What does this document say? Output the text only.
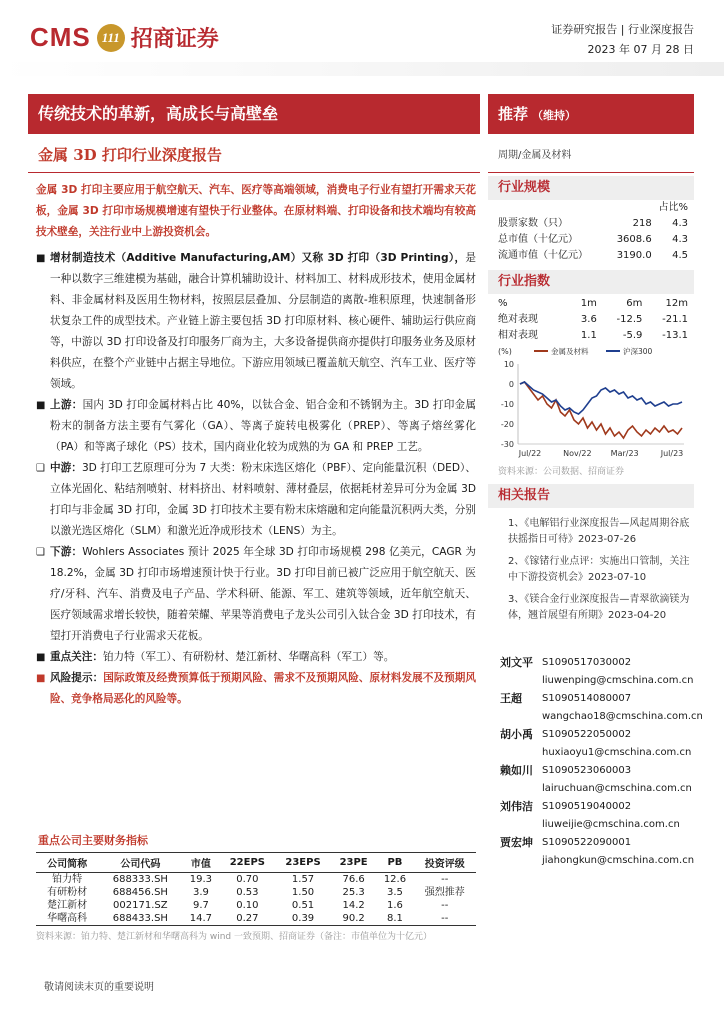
CMS 111 招商证券	证券研究报告 | 行业深度报告
2023 年 07 月 28 日
传统技术的革新，高成长与高壁垒	推荐 （维持）
金属 3D 打印行业深度报告	周期/金属及材料
金属 3D 打印主要应用于航空航天、汽车、医疗等高端领域，消费电子行业有望打开需求天花板，金属 3D 打印市场规模增速有望快于行业整体。在原材料端、打印设备和技术端均有较高技术壁垒，关注行业中上游投资机会。
■ 增材制造技术（Additive Manufacturing,AM）又称 3D 打印（3D Printing），是一种以数字三维建模为基础，融合计算机辅助设计、材料加工、材料成形技术，使用金属材料、非金属材料及医用生物材料，按照层层叠加、分层制造的离散-堆积原理，快速制备形状复杂工件的成型技术。产业链上游主要包括 3D 打印原材料、核心硬件、辅助运行供应商等，中游以 3D 打印设备及打印服务厂商为主，大多设备提供商亦提供打印服务业务及原材料供应，在整个产业链中占据主导地位。下游应用领域已覆盖航天航空、汽车工业、医疗等领域。
■ 上游：国内 3D 打印金属材料占比 40%，以钛合金、铝合金和不锈钢为主。3D 打印金属粉末的制备方法主要有气雾化（GA）、等离子旋转电极雾化（PREP）、等离子熔丝雾化（PA）和等离子球化（PS）技术，国内商业化较为成熟的为 GA 和 PREP 工艺。
❑ 中游：3D 打印工艺原理可分为 7 大类：粉末床选区熔化（PBF）、定向能量沉积（DED）、立体光固化、粘结剂喷射、材料挤出、材料喷射、薄材叠层，依据耗材差异可分为金属 3D 打印与非金属 3D 打印，金属 3D 打印技术主要有粉末床熔融和定向能量沉积两大类，分别以激光选区熔化（SLM）和激光近净成形技术（LENS）为主。
❑ 下游：Wohlers Associates 预计 2025 年全球 3D 打印市场规模 298 亿美元，CAGR 为 18.2%，金属 3D 打印市场增速预计快于行业。3D 打印目前已被广泛应用于航空航天、医疗/牙科、汽车、消费及电子产品、学术科研、能源、军工、建筑等领域，近年航空航天、医疗领域需求增长较快，随着荣耀、苹果等消费电子龙头公司引入钛合金 3D 打印技术，有望打开消费电子行业需求天花板。
■ 重点关注：铂力特（军工）、有研粉材、楚江新材、华曙高科（军工）等。
■ 风险提示：国际政策及经费预算低于预期风险、需求不及预期风险、原材料发展不及预期风险、竞争格局恶化的风险等。
重点公司主要财务指标
公司简称	公司代码	市值	22EPS	23EPS	23PE	PB	投资评级
铂力特	688333.SH	19.3	0.70	1.57	76.6	12.6	--
有研粉材	688456.SH	3.9	0.53	1.50	25.3	3.5	强烈推荐
楚江新材	002171.SZ	9.7	0.10	0.51	14.2	1.6	--
华曙高科	688433.SH	14.7	0.27	0.39	90.2	8.1	--
资料来源：铂力特、楚江新材和华曙高科为 wind 一致预期、招商证券（备注：市值单位为十亿元）
敬请阅读末页的重要说明
行业规模
		占比%
股票家数（只）	218	4.3
总市值（十亿元）	3608.6	4.3
流通市值（十亿元）	3190.0	4.5
行业指数
%	1m	6m	12m
绝对表现	3.6	-12.5	-21.1
相对表现	1.1	-5.9	-13.1
(%)	金属及材料	沪深300
10
0
-10
-20
-30
Jul/22	Nov/22 Mar/23	Jul/23
资料来源：公司数据、招商证券
相关报告
1、《电解铝行业深度报告—风起周期谷底扶摇指日可待》2023-07-26
2、《镓锗行业点评：实施出口管制，关注中下游投资机会》2023-07-10
3、《镁合金行业深度报告—青翠欲滴镁为体，翘首展望有所期》2023-04-20
刘文平 S1090517030002
liuwenping@cmschina.com.cn
王超	S1090514080007
wangchao18@cmschina.com.cn
胡小禹 S1090522050002
huxiaoyu1@cmschina.com.cn
赖如川 S1090523060003
lairuchuan@cmschina.com.cn
刘伟洁 S1090519040002
liuweijie@cmschina.com.cn
贾宏坤 S1090522090001
jiahongkun@cmschina.com.cn
